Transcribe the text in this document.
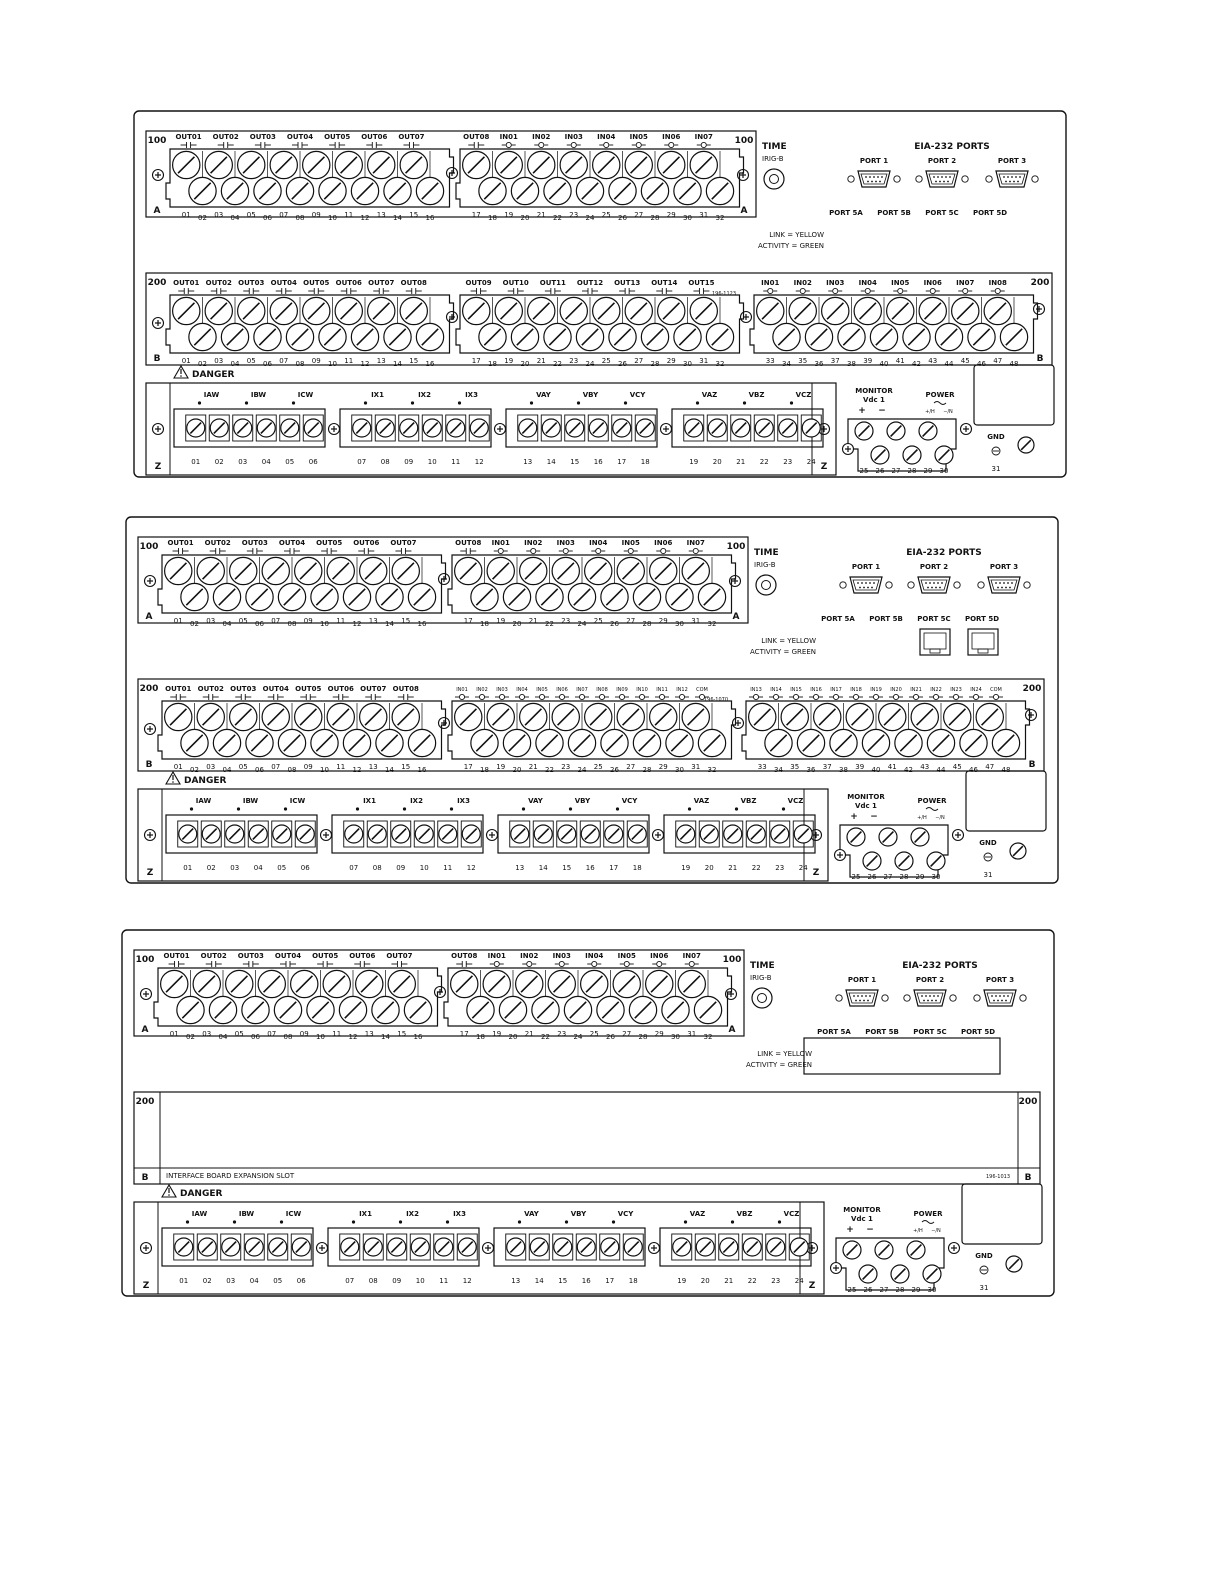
100	100
A	A
OUT01 OUT02 OUT03 OUT04 OUT05 OUT06 OUT07
01 02 03 04 05 06 07 08 09 10 11 12 13 14 15 16
OUT08 IN01 IN02 IN03 IN04 IN05 IN06 IN07
17 18 19 20 21 22 23 24 25 26 27 28 29 30 31 32
TIME
IRIG-B
EIA-232 PORTS
PORT 1	PORT 2	PORT 3
PORT 5A PORT 5B PORT 5C PORT 5D
LINK = YELLOW
ACTIVITY = GREEN
200	200
B	B
OUT01 OUT02 OUT03 OUT04 OUT05 OUT06 OUT07 OUT08
01 02 03 04 05 06 07 08 09 10 11 12 13 14 15 16
OUT09 OUT10 OUT11 OUT12 OUT13 OUT14 OUT15
17 18 19 20 21 22 23 24 25 26 27 28 29 30 31 32
IN01 IN02 IN03 IN04 IN05 IN06 IN07 IN08
33 34 35 36 37 38 39 40 41 42 43 44 45 46 47 48
196-1123
DANGER
Z	Z
01 02 03 04 05 06
IAW	IBW	ICW
07 08 09 10 11 12
IX1	IX2	IX3
13 14 15 16 17 18
VAY	VBY	VCY
19 20 21 22 23 24
VAZ	VBZ	VCZ	MONITOR
Vdc 1
+ −
POWER
+/H −/N
25 26 27 28 29 30
GND
31
100	100
A	A
OUT01 OUT02 OUT03 OUT04 OUT05 OUT06 OUT07
01 02 03 04 05 06 07 08 09 10 11 12 13 14 15 16
OUT08 IN01 IN02 IN03 IN04 IN05 IN06 IN07
17 18 19 20 21 22 23 24 25 26 27 28 29 30 31 32
TIME
IRIG-B
EIA-232 PORTS
PORT 1	PORT 2	PORT 3
PORT 5A PORT 5B PORT 5C PORT 5D
LINK = YELLOW
ACTIVITY = GREEN
200	200
B	B
OUT01 OUT02 OUT03 OUT04 OUT05 OUT06 OUT07 OUT08
01 02 03 04 05 06 07 08 09 10 11 12 13 14 15 16
IN01 IN02 IN03 IN04 IN05 IN06 IN07 IN08 IN09 IN10 IN11 IN12 COM
17 18 19 20 21 22 23 24 25 26 27 28 29 30 31 32
IN13 IN14 IN15 IN16 IN17 IN18 IN19 IN20 IN21 IN22 IN23 IN24 COM
33 34 35 36 37 38 39 40 41 42 43 44 45 46 47 48
196-1070
DANGER
Z	Z
01 02 03 04 05 06
IAW	IBW	ICW
07 08 09 10 11 12
IX1	IX2	IX3
13 14 15 16 17 18
VAY	VBY	VCY
19 20 21 22 23 24
VAZ	VBZ	VCZ	MONITOR
Vdc 1
+ −
POWER
+/H −/N
25 26 27 28 29 30
GND
31
100	100
A	A
OUT01 OUT02 OUT03 OUT04 OUT05 OUT06 OUT07
01 02 03 04 05 06 07 08 09 10 11 12 13 14 15 16
OUT08 IN01 IN02 IN03 IN04 IN05 IN06 IN07
17 18 19 20 21 22 23 24 25 26 27 28 29 30 31 32
TIME
IRIG-B
EIA-232 PORTS
PORT 1	PORT 2	PORT 3
PORT 5A PORT 5B PORT 5C PORT 5D
LINK = YELLOW
ACTIVITY = GREEN
200	200
B	B
INTERFACE BOARD EXPANSION SLOT	196-1013
DANGER
Z	Z
01 02 03 04 05 06
IAW	IBW	ICW
07 08 09 10 11 12
IX1	IX2	IX3
13 14 15 16 17 18
VAY	VBY	VCY
19 20 21 22 23 24
VAZ	VBZ	VCZ	MONITOR
Vdc 1
+ −
POWER
+/H −/N
25 26 27 28 29 30
GND
31
